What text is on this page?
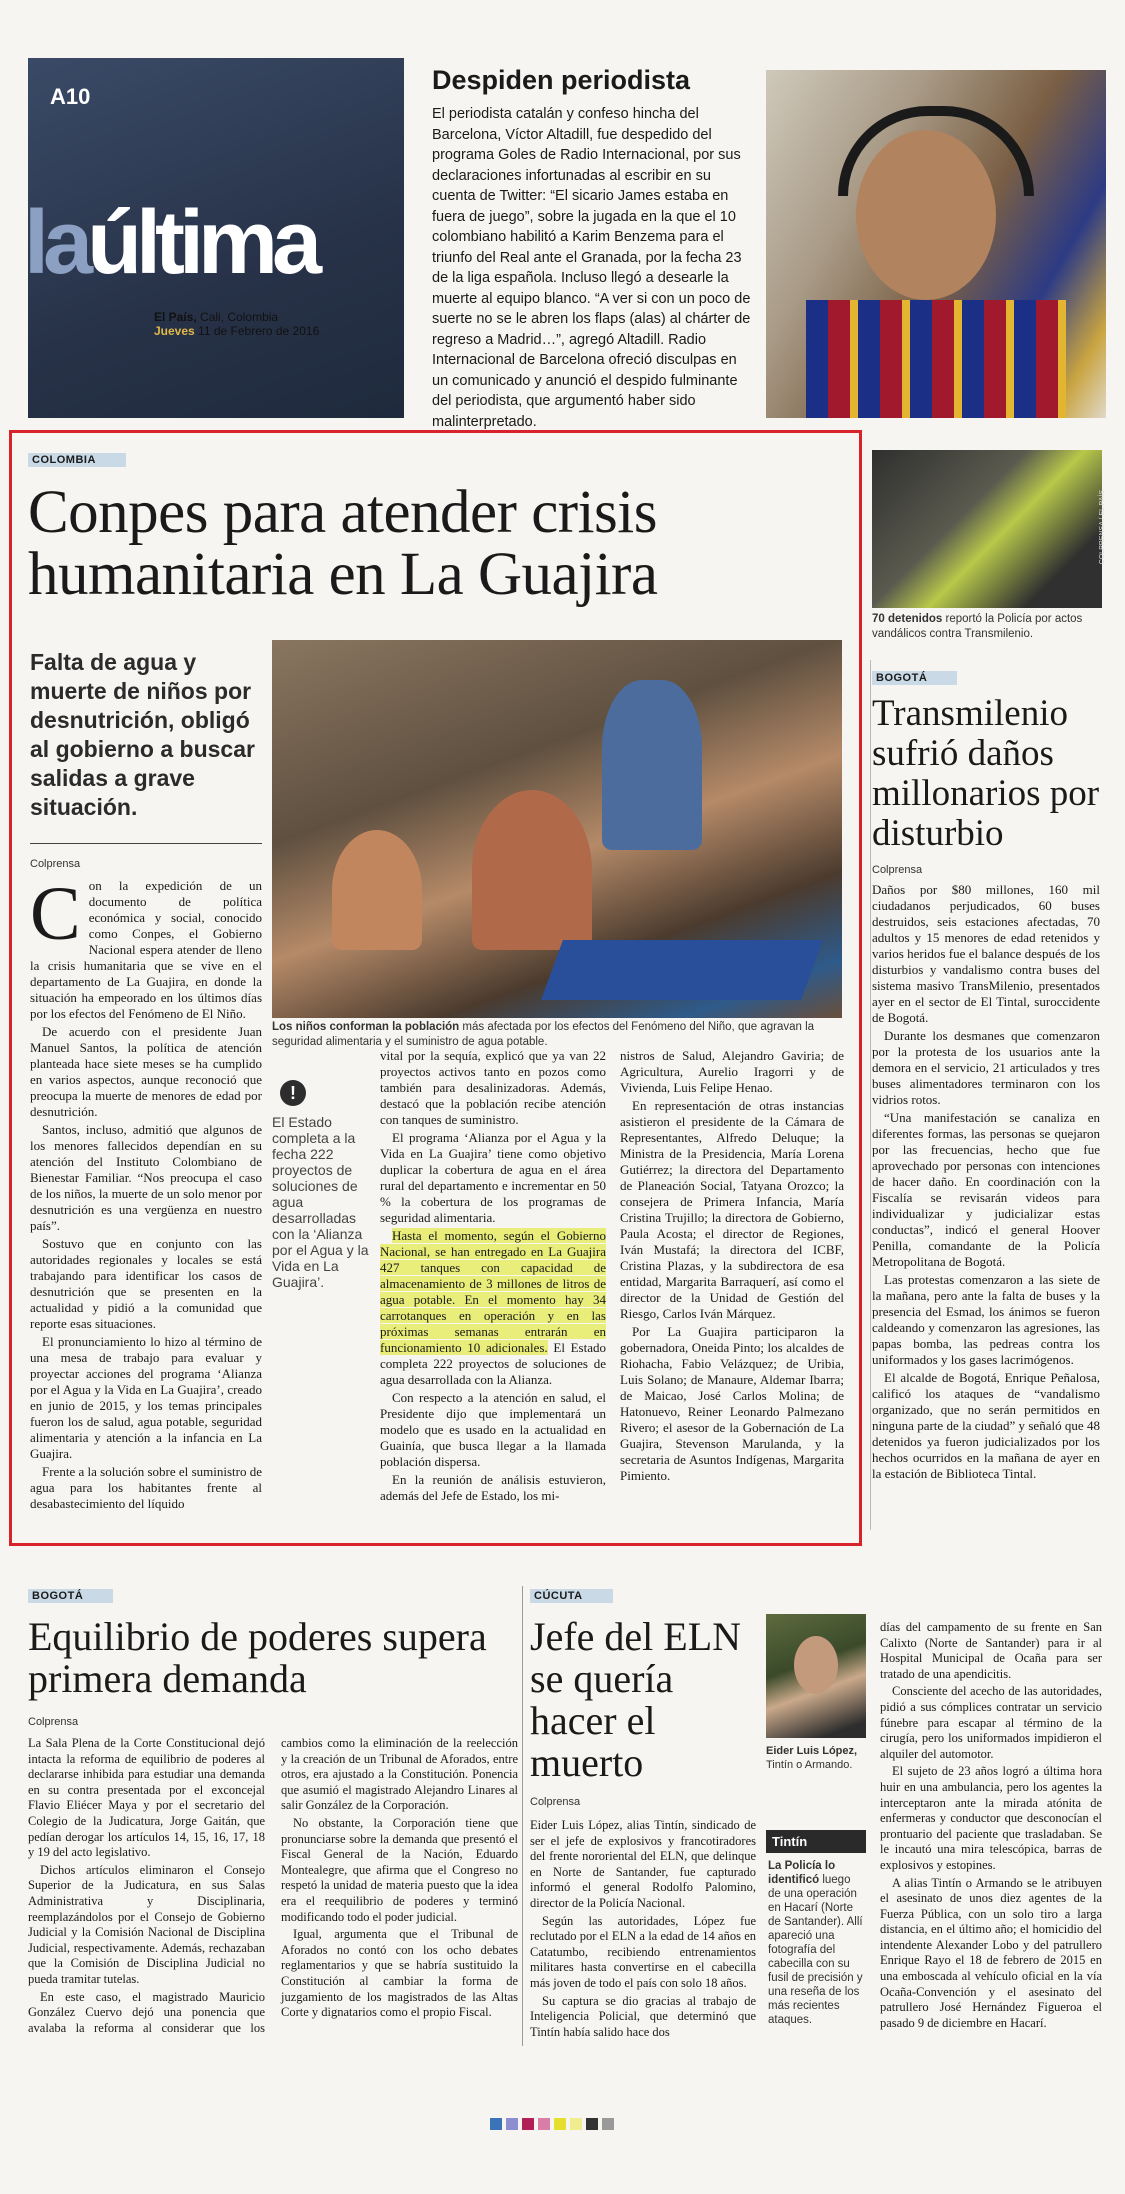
A10
laúltima
El País, Cali, Colombia
Jueves 11 de Febrero de 2016
Despiden periodista

El periodista catalán y confeso hincha del Barcelona, Víctor Altadill, fue despedido del programa Goles de Radio Internacional, por sus declaraciones infortunadas al escribir en su cuenta de Twitter: “El sicario James estaba en fuera de juego”, sobre la jugada en la que el 10 colombiano habilitó a Karim Benzema para el triunfo del Real ante el Granada, por la fecha 23 de la liga española. Incluso llegó a desearle la muerte al equipo blanco. “A ver si con un poco de suerte no se le abren los flaps (alas) al chárter de regreso a Madrid…”, agregó Altadill. Radio Internacional de Barcelona ofreció disculpas en un comunicado y anunció el despido fulminante del periodista, que argumentó haber sido malinterpretado.

COLOMBIA
Conpes para atender crisis humanitaria en La Guajira
Falta de agua y muerte de niños por desnutrición, obligó al gobierno a buscar salidas a grave situación.
Colprensa
Los niños conforman la población más afectada por los efectos del Fenómeno del Niño, que agravan la seguridad alimentaria y el suministro de agua potable.
C on la expedición de un documento de política económica y social, conocido como Conpes, el Gobierno Nacional espera atender de lleno la crisis humanitaria que se vive en el departamento de La Guajira, en donde la situación ha empeorado en los últimos días por los efectos del Fenómeno de El Niño.

De acuerdo con el presidente Juan Manuel Santos, la política de atención planteada hace siete meses se ha cumplido en varios aspectos, aunque reconoció que preocupa la muerte de menores de edad por desnutrición.

Santos, incluso, admitió que algunos de los menores fallecidos dependían en su atención del Instituto Colombiano de Bienestar Familiar. “Nos preocupa el caso de los niños, la muerte de un solo menor por desnutrición es una vergüenza en nuestro país”.

Sostuvo que en conjunto con las autoridades regionales y locales se está trabajando para identificar los casos de desnutrición que se presenten en la actualidad y pidió a la comunidad que reporte esas situaciones.

El pronunciamiento lo hizo al término de una mesa de trabajo para evaluar y proyectar acciones del programa ‘Alianza por el Agua y la Vida en La Guajira’, creado en junio de 2015, y los temas principales fueron los de salud, agua potable, seguridad alimentaria y atención a la infancia en La Guajira.

Frente a la solución sobre el suministro de agua para los habitantes frente al desabastecimiento del líquido

!
El Estado completa a la fecha 222 proyectos de soluciones de agua desarrolladas con la ‘Alianza por el Agua y la Vida en La Guajira’.

vital por la sequía, explicó que ya van 22 proyectos activos tanto en pozos como también para desalinizadoras. Además, destacó que la población recibe atención con tanques de suministro.

El programa ‘Alianza por el Agua y la Vida en La Guajira’ tiene como objetivo duplicar la cobertura de agua en el área rural del departamento e incrementar en 50 % la cobertura de los programas de seguridad alimentaria.

Hasta el momento, según el Gobierno Nacional, se han entregado en La Guajira 427 tanques con capacidad de almacenamiento de 3 millones de litros de agua potable. En el momento hay 34 carrotanques en operación y en las próximas semanas entrarán en funcionamiento 10 adicionales. El Estado completa 222 proyectos de soluciones de agua desarrollada con la Alianza.

Con respecto a la atención en salud, el Presidente dijo que implementará un modelo que es usado en la actualidad en Guainía, que busca llegar a la llamada población dispersa.

En la reunión de análisis estuvieron, además del Jefe de Estado, los mi-

nistros de Salud, Alejandro Gaviria; de Agricultura, Aurelio Iragorri y de Vivienda, Luis Felipe Henao.

En representación de otras instancias asistieron el presidente de la Cámara de Representantes, Alfredo Deluque; la Ministra de la Presidencia, María Lorena Gutiérrez; la directora del Departamento de Planeación Social, Tatyana Orozco; la consejera de Primera Infancia, María Cristina Trujillo; la directora de Gobierno, Paula Acosta; el director de Regiones, Iván Mustafá; la directora del ICBF, Cristina Plazas, y la subdirectora de esa entidad, Margarita Barraquerí, así como el director de la Unidad de Gestión del Riesgo, Carlos Iván Márquez.

Por La Guajira participaron la gobernadora, Oneida Pinto; los alcaldes de Riohacha, Fabio Velázquez; de Uribia, Luis Solano; de Manaure, Aldemar Ibarra; de Maicao, José Carlos Molina; de Hatonuevo, Reiner Leonardo Palmezano Rivero; el asesor de la Gobernación de La Guajira, Stevenson Marulanda, y la secretaria de Asuntos Indígenas, Margarita Pimiento.

COLPRENSA / EL PAÍS
70 detenidos reportó la Policía por actos vandálicos contra Transmilenio.
BOGOTÁ
Transmilenio sufrió daños millonarios por disturbio
Colprensa

Daños por $80 millones, 160 mil ciudadanos perjudicados, 60 buses destruidos, seis estaciones afectadas, 70 adultos y 15 menores de edad retenidos y varios heridos fue el balance después de los disturbios y vandalismo contra buses del sistema masivo TransMilenio, presentados ayer en el sector de El Tintal, suroccidente de Bogotá.

Durante los desmanes que comenzaron por la protesta de los usuarios ante la demora en el servicio, 21 articulados y tres buses alimentadores terminaron con los vidrios rotos.

“Una manifestación se canaliza en diferentes formas, las personas se quejaron por las frecuencias, hecho que fue aprovechado por personas con intenciones de hacer daño. En coordinación con la Fiscalía se revisarán videos para individualizar y judicializar estas conductas”, indicó el general Hoover Penilla, comandante de la Policía Metropolitana de Bogotá.

Las protestas comenzaron a las siete de la mañana, pero ante la falta de buses y la presencia del Esmad, los ánimos se fueron caldeando y comenzaron las agresiones, las papas bomba, las pedreas contra los uniformados y los gases lacrimógenos.

El alcalde de Bogotá, Enrique Peñalosa, calificó los ataques de “vandalismo organizado, que no serán permitidos en ninguna parte de la ciudad” y señaló que 48 detenidos ya fueron judicializados por los hechos ocurridos en la mañana de ayer en la estación de Biblioteca Tintal.

BOGOTÁ
Equilibrio de poderes supera primera demanda
Colprensa

La Sala Plena de la Corte Constitucional dejó intacta la reforma de equilibrio de poderes al declararse inhibida para estudiar una demanda en su contra presentada por el exconcejal Flavio Eliécer Maya y por el secretario del Colegio de la Judicatura, Jorge Gaitán, que pedían derogar los artículos 14, 15, 16, 17, 18 y 19 del acto legislativo.

Dichos artículos eliminaron el Consejo Superior de la Judicatura, en sus Salas Administrativa y Disciplinaria, reemplazándolos por el Consejo de Gobierno Judicial y la Comisión Nacional de Disciplina Judicial, respectivamente. Además, rechazaban que la Comisión de Disciplina Judicial no pueda tramitar tutelas.

En este caso, el magistrado Mauricio González Cuervo dejó una ponencia que avalaba la reforma al considerar que los cambios como la eliminación de la reelección y la creación de un Tribunal de Aforados, entre otros, era ajustado a la Constitución. Ponencia que asumió el magistrado Alejandro Linares al salir González de la Corporación.

No obstante, la Corporación tiene que pronunciarse sobre la demanda que presentó el Fiscal General de la Nación, Eduardo Montealegre, que afirma que el Congreso no respetó la unidad de materia puesto que la idea era el reequilibrio de poderes y terminó modificando todo el poder judicial.

Igual, argumenta que el Tribunal de Aforados no contó con los ocho debates reglamentarios y que se habría sustituido la Constitución al cambiar la forma de juzgamiento de los magistrados de las Altas Corte y dignatarios como el propio Fiscal.

CÚCUTA
Jefe del ELN se quería hacer el muerto	Eider Luis López,
Tintín o Armando.
Colprensa

Eider Luis López, alias Tintín, sindicado de ser el jefe de explosivos y francotiradores del frente nororiental del ELN, que delinque en Norte de Santander, fue capturado informó el general Rodolfo Palomino, director de la Policía Nacional.

Según las autoridades, López fue reclutado por el ELN a la edad de 14 años en Catatumbo, recibiendo entrenamientos militares hasta convertirse en el cabecilla más joven de todo el país con solo 18 años.

Su captura se dio gracias al trabajo de Inteligencia Policial, que determinó que Tintín había salido hace dos

Tintín
La Policía lo identificó luego de una operación en Hacarí (Norte de Santander). Allí apareció una fotografía del cabecilla con su fusil de precisión y una reseña de los más recientes ataques.

días del campamento de su frente en San Calixto (Norte de Santander) para ir al Hospital Municipal de Ocaña para ser tratado de una apendicitis.

Consciente del acecho de las autoridades, pidió a sus cómplices contratar un servicio fúnebre para escapar al término de la cirugía, pero los uniformados impidieron el alquiler del automotor.

El sujeto de 23 años logró a última hora huir en una ambulancia, pero los agentes la interceptaron ante la mirada atónita de enfermeras y conductor que desconocían el prontuario del paciente que trasladaban. Se le incautó una mira telescópica, barras de explosivos y estopines.

A alias Tintín o Armando se le atribuyen el asesinato de unos diez agentes de la Fuerza Pública, con un solo tiro a larga distancia, en el último año; el homicidio del intendente Alexander Lobo y del patrullero Enrique Rayo el 18 de febrero de 2015 en una emboscada al vehículo oficial en la vía Ocaña-Convención y el asesinato del patrullero José Hernández Figueroa el pasado 9 de diciembre en Hacarí.
